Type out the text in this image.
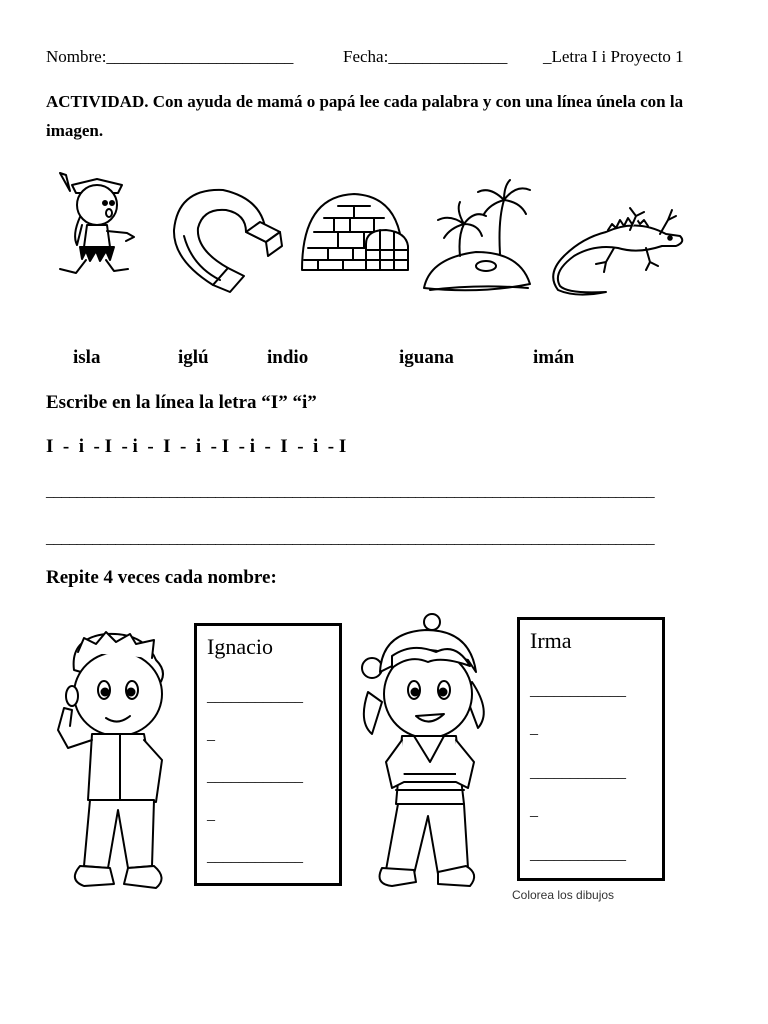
Nombre:______________________	Fecha:______________ _Letra I i Proyecto 1
ACTIVIDAD. Con ayuda de mamá o papá lee cada palabra y con una línea únela con la imagen.
isla	iglú	indio	iguana	imán
Escribe en la línea la letra “I” “i”
I  -  i  - I  - i  -  I  -  i  - I  - i  -  I  -  i  - I
_______________________________________________________________________________
_______________________________________________________________________________
Repite 4 veces cada nombre:
Ignacio
____________
_
____________
_
____________
Irma
____________
_
____________
_
____________
Colorea los dibujos
